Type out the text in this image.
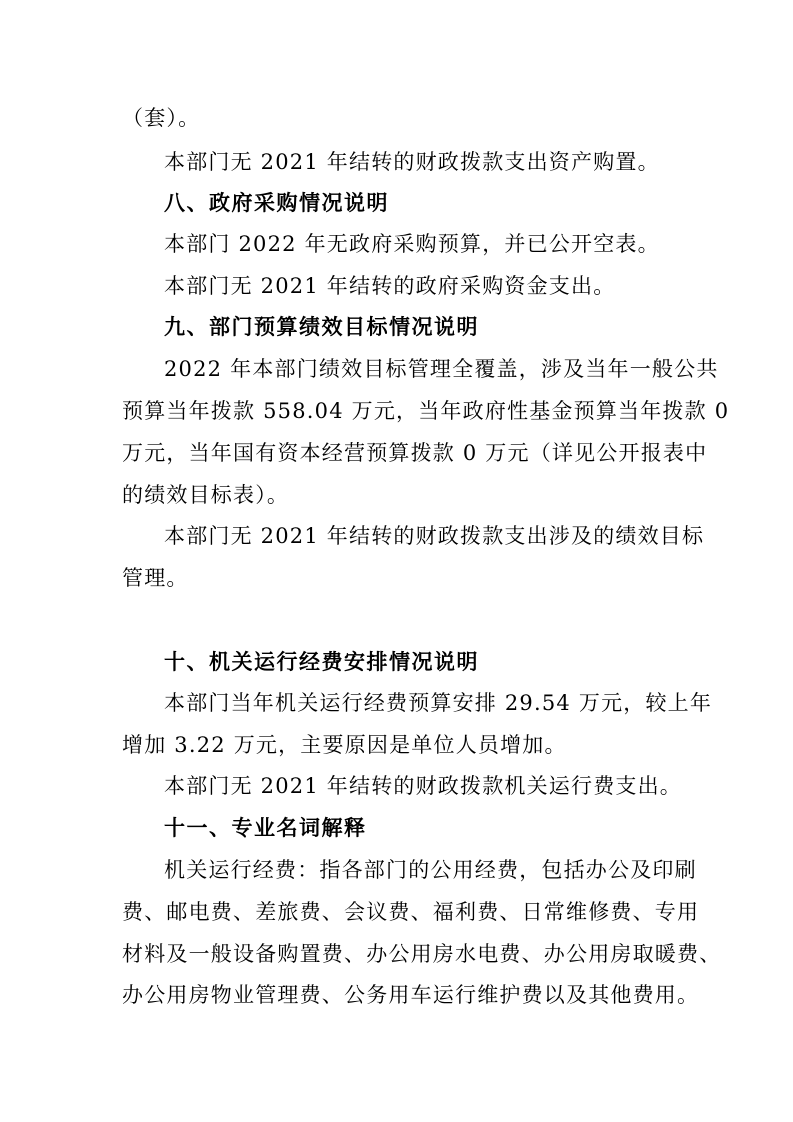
（套）。
本部门无 2021 年结转的财政拨款支出资产购置。
八、政府采购情况说明
本部门 2022 年无政府采购预算，并已公开空表。
本部门无 2021 年结转的政府采购资金支出。
九、部门预算绩效目标情况说明
2022 年本部门绩效目标管理全覆盖，涉及当年一般公共
预算当年拨款 558.04 万元，当年政府性基金预算当年拨款 0
万元，当年国有资本经营预算拨款 0 万元（详见公开报表中
的绩效目标表）。
本部门无 2021 年结转的财政拨款支出涉及的绩效目标
管理。
十、机关运行经费安排情况说明
本部门当年机关运行经费预算安排 29.54 万元，较上年
增加 3.22 万元，主要原因是单位人员增加。
本部门无 2021 年结转的财政拨款机关运行费支出。
十一、专业名词解释
机关运行经费：指各部门的公用经费，包括办公及印刷
费、邮电费、差旅费、会议费、福利费、日常维修费、专用
材料及一般设备购置费、办公用房水电费、办公用房取暖费、
办公用房物业管理费、公务用车运行维护费以及其他费用。
